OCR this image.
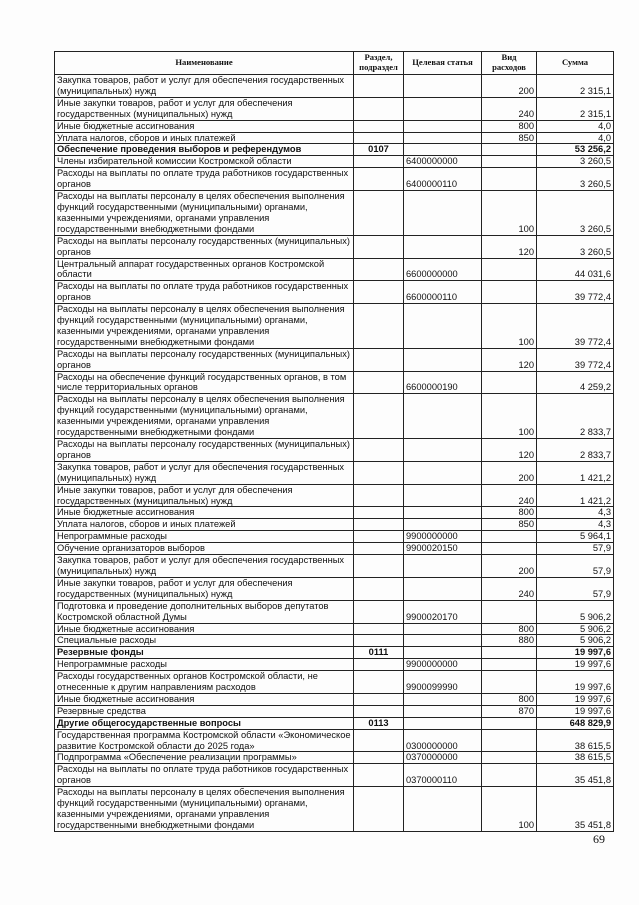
Наименование	Раздел, подраздел	Целевая статья	Вид расходов	Сумма
Закупка товаров, работ и услуг для обеспечения государственных (муниципальных) нужд			200	2 315,1
Иные закупки товаров, работ и услуг для обеспечения государственных (муниципальных) нужд			240	2 315,1
Иные бюджетные ассигнования			800	4,0
Уплата налогов, сборов и иных платежей			850	4,0
Обеспечение проведения выборов и референдумов	0107			53 256,2
Члены избирательной комиссии Костромской области		6400000000		3 260,5
Расходы на выплаты по оплате труда работников государственных органов		6400000110		3 260,5
Расходы на выплаты персоналу в целях обеспечения выполнения функций государственными (муниципальными) органами, казенными учреждениями, органами управления государственными внебюджетными фондами			100	3 260,5
Расходы на выплаты персоналу государственных (муниципальных) органов			120	3 260,5
Центральный аппарат государственных органов Костромской области		6600000000		44 031,6
Расходы на выплаты по оплате труда работников государственных органов		6600000110		39 772,4
Расходы на выплаты персоналу в целях обеспечения выполнения функций государственными (муниципальными) органами, казенными учреждениями, органами управления государственными внебюджетными фондами			100	39 772,4
Расходы на выплаты персоналу государственных (муниципальных) органов			120	39 772,4
Расходы на обеспечение функций государственных органов, в том числе территориальных органов		6600000190		4 259,2
Расходы на выплаты персоналу в целях обеспечения выполнения функций государственными (муниципальными) органами, казенными учреждениями, органами управления государственными внебюджетными фондами			100	2 833,7
Расходы на выплаты персоналу государственных (муниципальных) органов			120	2 833,7
Закупка товаров, работ и услуг для обеспечения государственных (муниципальных) нужд			200	1 421,2
Иные закупки товаров, работ и услуг для обеспечения государственных (муниципальных) нужд			240	1 421,2
Иные бюджетные ассигнования			800	4,3
Уплата налогов, сборов и иных платежей			850	4,3
Непрограммные расходы		9900000000		5 964,1
Обучение организаторов выборов		9900020150		57,9
Закупка товаров, работ и услуг для обеспечения государственных (муниципальных) нужд			200	57,9
Иные закупки товаров, работ и услуг для обеспечения государственных (муниципальных) нужд			240	57,9
Подготовка и проведение дополнительных выборов депутатов Костромской областной Думы		9900020170		5 906,2
Иные бюджетные ассигнования			800	5 906,2
Специальные расходы			880	5 906,2
Резервные фонды	0111			19 997,6
Непрограммные расходы		9900000000		19 997,6
Расходы государственных органов Костромской области, не отнесенные к другим направлениям расходов		9900099990		19 997,6
Иные бюджетные ассигнования			800	19 997,6
Резервные средства			870	19 997,6
Другие общегосударственные вопросы	0113			648 829,9
Государственная программа Костромской области «Экономическое развитие Костромской области до 2025 года»		0300000000		38 615,5
Подпрограмма «Обеспечение реализации программы»		0370000000		38 615,5
Расходы на выплаты по оплате труда работников государственных органов		0370000110		35 451,8
Расходы на выплаты персоналу в целях обеспечения выполнения функций государственными (муниципальными) органами, казенными учреждениями, органами управления государственными внебюджетными фондами			100	35 451,8
69
